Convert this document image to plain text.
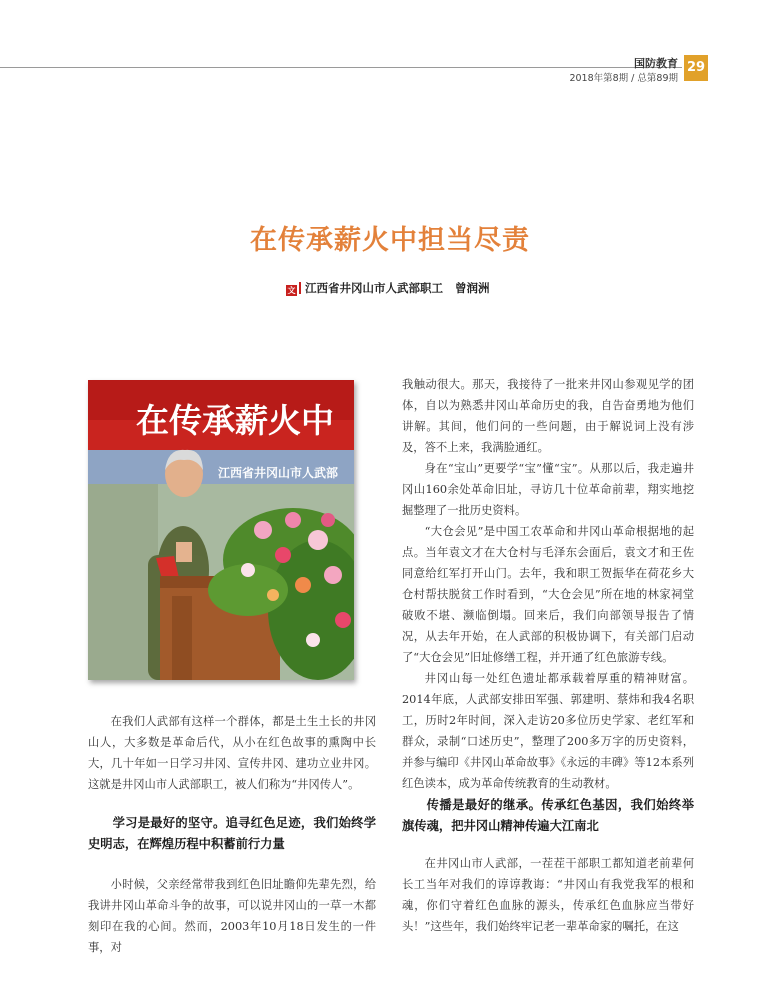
国防教育
2018年第8期 / 总第89期
29
在传承薪火中担当尽责
文 江西省井冈山市人武部职工 曾润洲
在传承薪火中
江西省井冈山市人武部

在我们人武部有这样一个群体，都是土生土长的井冈山人，大多数是革命后代，从小在红色故事的熏陶中长大，几十年如一日学习井冈、宣传井冈、建功立业井冈。这就是井冈山市人武部职工，被人们称为“井冈传人”。

学习是最好的坚守。追寻红色足迹，我们始终学史明志，在辉煌历程中积蓄前行力量

小时候，父亲经常带我到红色旧址瞻仰先辈先烈，给我讲井冈山革命斗争的故事，可以说井冈山的一草一木都刻印在我的心间。然而，2003年10月18日发生的一件事，对

我触动很大。那天，我接待了一批来井冈山参观见学的团体，自以为熟悉井冈山革命历史的我，自告奋勇地为他们讲解。其间，他们问的一些问题，由于解说词上没有涉及，答不上来，我满脸通红。

身在“宝山”更要学“宝”懂“宝”。从那以后，我走遍井冈山160余处革命旧址，寻访几十位革命前辈，翔实地挖掘整理了一批历史资料。

“大仓会见”是中国工农革命和井冈山革命根据地的起点。当年袁文才在大仓村与毛泽东会面后，袁文才和王佐同意给红军打开山门。去年，我和职工贺振华在荷花乡大仓村帮扶脱贫工作时看到，“大仓会见”所在地的林家祠堂破败不堪、濒临倒塌。回来后，我们向部领导报告了情况，从去年开始，在人武部的积极协调下，有关部门启动了“大仓会见”旧址修缮工程，并开通了红色旅游专线。

井冈山每一处红色遗址都承载着厚重的精神财富。2014年底，人武部安排田军强、郭建明、蔡炜和我4名职工，历时2年时间，深入走访20多位历史学家、老红军和群众，录制“口述历史”，整理了200多万字的历史资料，并参与编印《井冈山革命故事》《永远的丰碑》等12本系列红色读本，成为革命传统教育的生动教材。

传播是最好的继承。传承红色基因，我们始终举旗传魂，把井冈山精神传遍大江南北

在井冈山市人武部，一茬茬干部职工都知道老前辈何长工当年对我们的谆谆教诲：“井冈山有我党我军的根和魂，你们守着红色血脉的源头，传承红色血脉应当带好头！”这些年，我们始终牢记老一辈革命家的嘱托，在这
